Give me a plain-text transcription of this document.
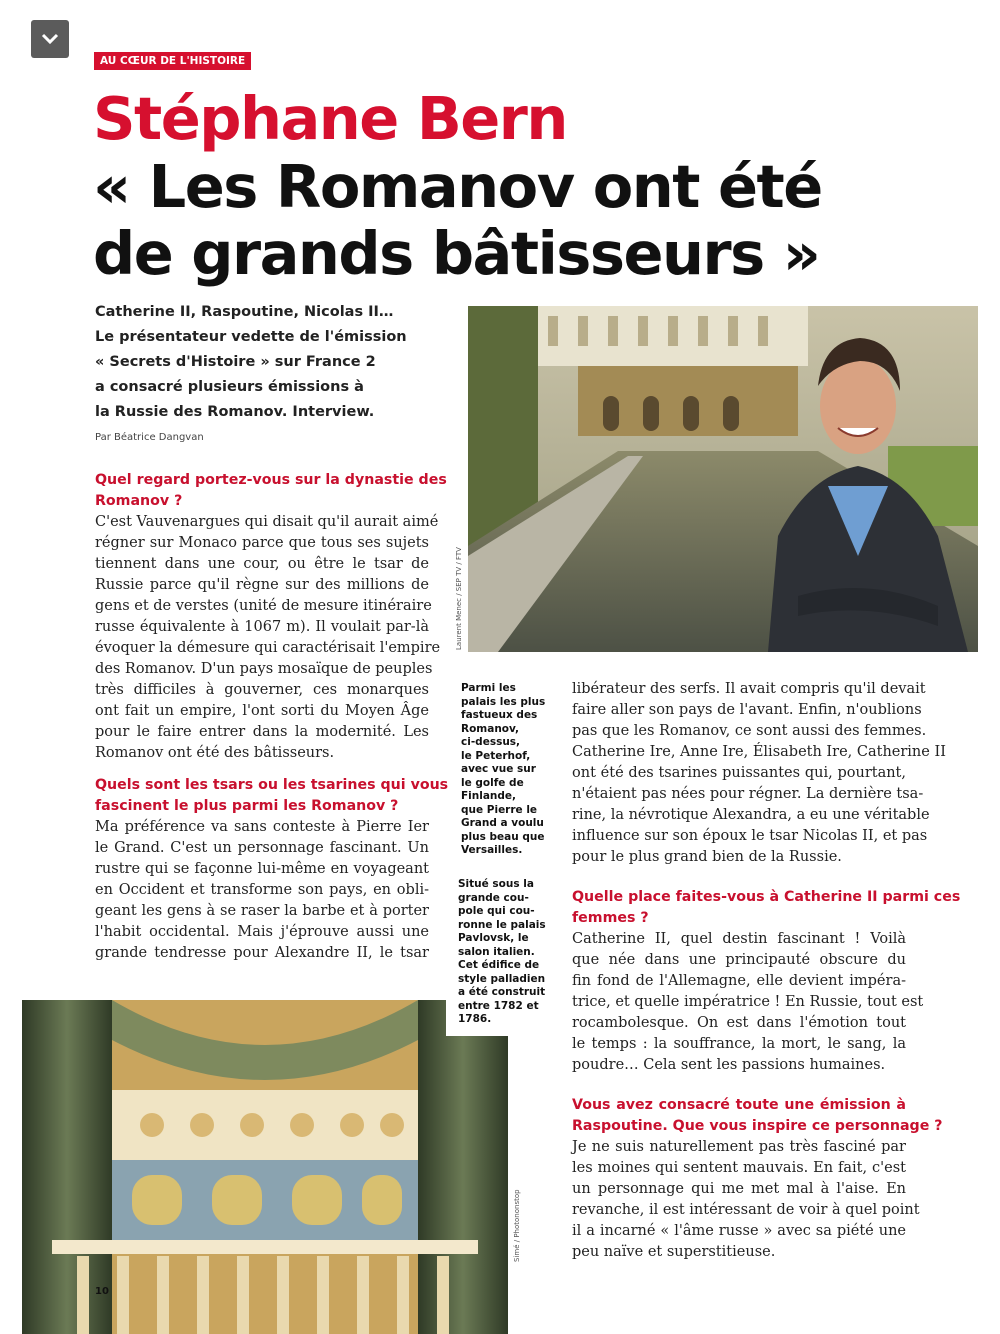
AU CŒUR DE L'HISTOIRE
Stéphane Bern
« Les Romanov ont été
de grands bâtisseurs »
Catherine II, Raspoutine, Nicolas II…
Le présentateur vedette de l'émission
« Secrets d'Histoire » sur France 2
a consacré plusieurs émissions à
la Russie des Romanov. Interview.
Par Béatrice Dangvan
Laurent Menec / SEP TV / FTV
Quel regard portez-vous sur la dynastie des
Romanov ?
C'est Vauvenargues qui disait qu'il aurait aimé
régner sur Monaco parce que tous ses sujets
tiennent dans une cour, ou être le tsar de
Russie parce qu'il règne sur des millions de
gens et de verstes (unité de mesure itinéraire
russe équivalente à 1067 m). Il voulait par-là
évoquer la démesure qui caractérisait l'empire
des Romanov. D'un pays mosaïque de peuples
très difficiles à gouverner, ces monarques
ont fait un empire, l'ont sorti du Moyen Âge
pour le faire entrer dans la modernité. Les
Romanov ont été des bâtisseurs.
Quels sont les tsars ou les tsarines qui vous
fascinent le plus parmi les Romanov ?
Ma préférence va sans conteste à Pierre Ier
le Grand. C'est un personnage fascinant. Un
rustre qui se façonne lui-même en voyageant
en Occident et transforme son pays, en obli-
geant les gens à se raser la barbe et à porter
l'habit occidental. Mais j'éprouve aussi une
grande tendresse pour Alexandre II, le tsar
Parmi les
palais les plus
fastueux des
Romanov,
ci-dessus,
le Peterhof,
avec vue sur
le golfe de
Finlande,
que Pierre le
Grand a voulu
plus beau que
Versailles.
Situé sous la
grande cou-
pole qui cou-
ronne le palais
Pavlovsk, le
salon italien.
Cet édifice de
style palladien
a été construit
entre 1782 et
1786.
Simé / Photononstop
libérateur des serfs. Il avait compris qu'il devait
faire aller son pays de l'avant. Enfin, n'oublions
pas que les Romanov, ce sont aussi des femmes.
Catherine Ire, Anne Ire, Élisabeth Ire, Catherine II
ont été des tsarines puissantes qui, pourtant,
n'étaient pas nées pour régner. La dernière tsa-
rine, la névrotique Alexandra, a eu une véritable
influence sur son époux le tsar Nicolas II, et pas
pour le plus grand bien de la Russie.
Quelle place faites-vous à Catherine II parmi ces
femmes ?
Catherine II, quel destin fascinant ! Voilà
que née dans une principauté obscure du
fin fond de l'Allemagne, elle devient impéra-
trice, et quelle impératrice ! En Russie, tout est
rocambolesque. On est dans l'émotion tout
le temps : la souffrance, la mort, le sang, la
poudre… Cela sent les passions humaines.
Vous avez consacré toute une émission à
Raspoutine. Que vous inspire ce personnage ?
Je ne suis naturellement pas très fasciné par
les moines qui sentent mauvais. En fait, c'est
un personnage qui me met mal à l'aise. En
revanche, il est intéressant de voir à quel point
il a incarné « l'âme russe » avec sa piété une
peu naïve et superstitieuse.
10
